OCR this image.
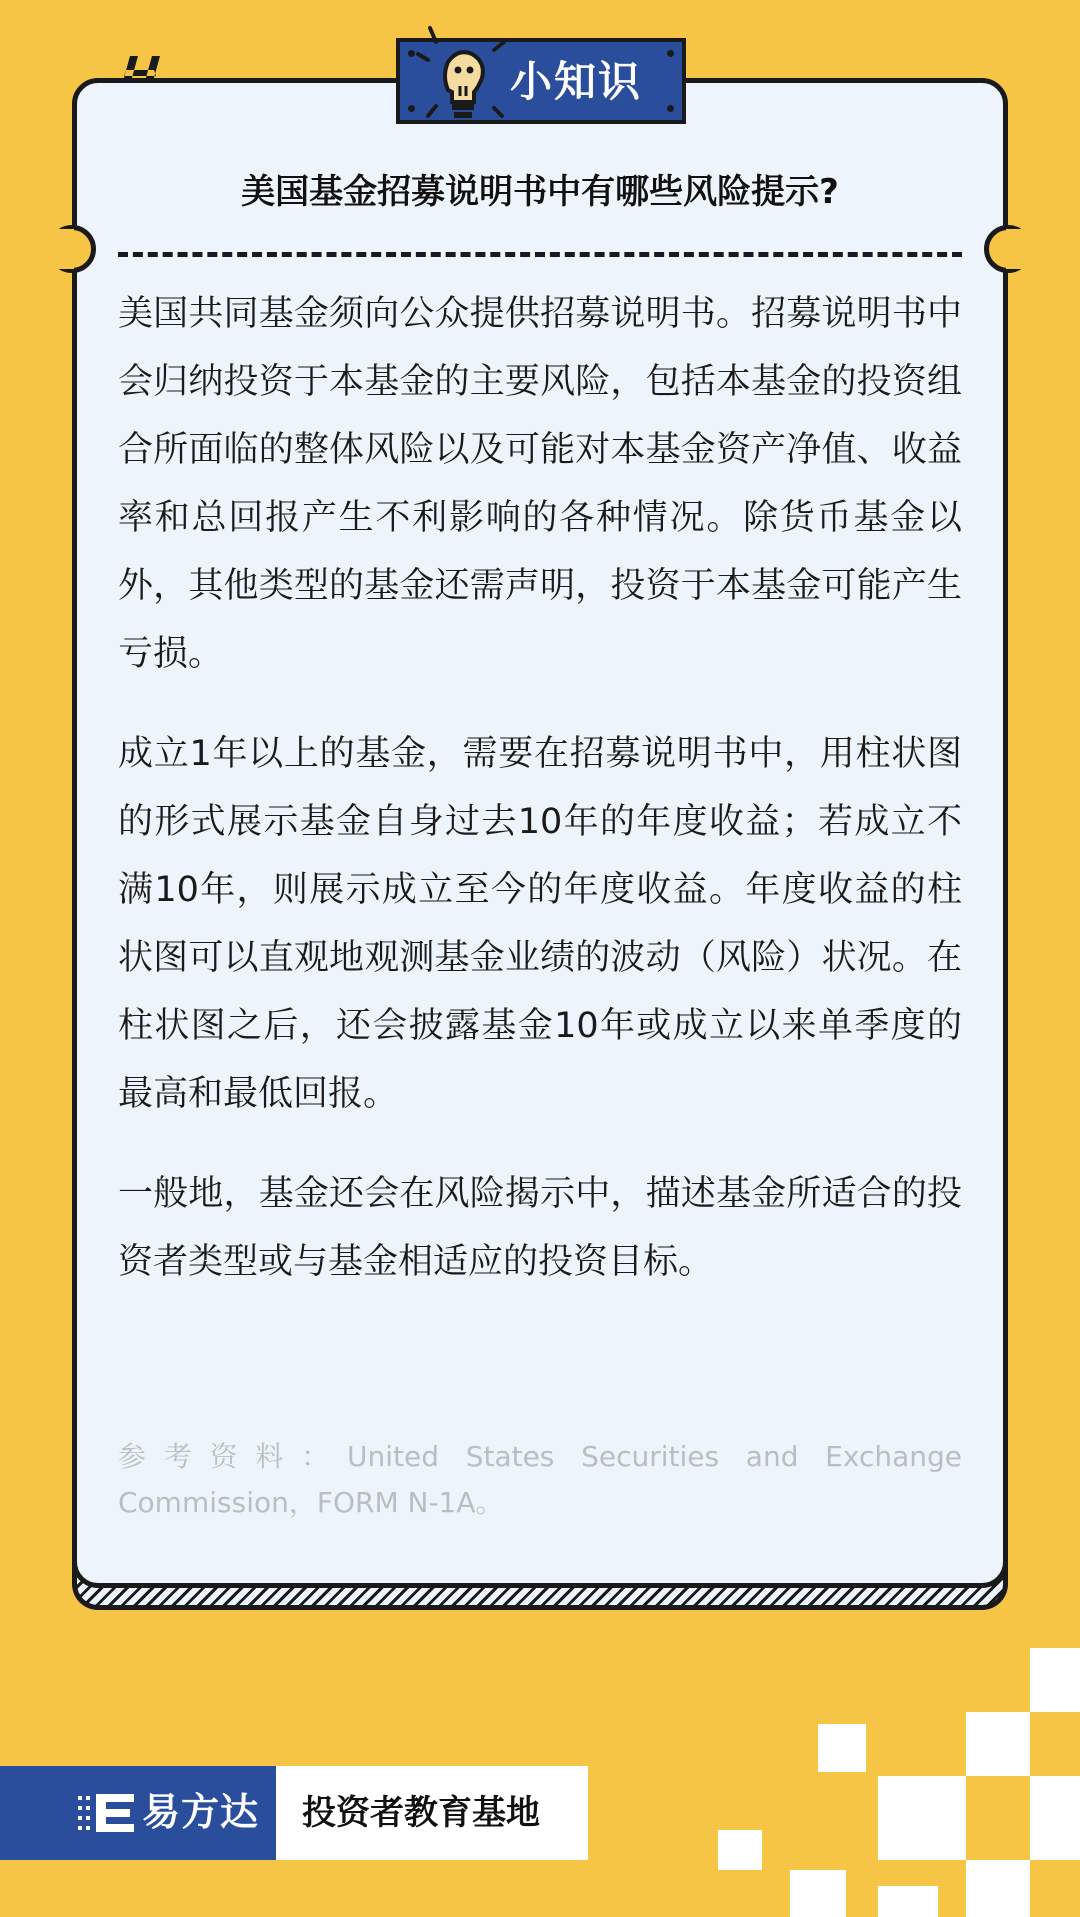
小知识
美国基金招募说明书中有哪些风险提示?

美国共同基金须向公众提供招募说明书。招募说明书中会归纳投资于本基金的主要风险，包括本基金的投资组合所面临的整体风险以及可能对本基金资产净值、收益率和总回报产生不利影响的各种情况。除货币基金以外，其他类型的基金还需声明，投资于本基金可能产生亏损。

成立1年以上的基金，需要在招募说明书中，用柱状图的形式展示基金自身过去10年的年度收益；若成立不满10年，则展示成立至今的年度收益。年度收益的柱状图可以直观地观测基金业绩的波动（风险）状况。在柱状图之后，还会披露基金10年或成立以来单季度的最高和最低回报。

一般地，基金还会在风险揭示中，描述基金所适合的投资者类型或与基金相适应的投资目标。

参考资料：United States Securities and Exchange Commission，FORM N-1A。
易方达 投资者教育基地
